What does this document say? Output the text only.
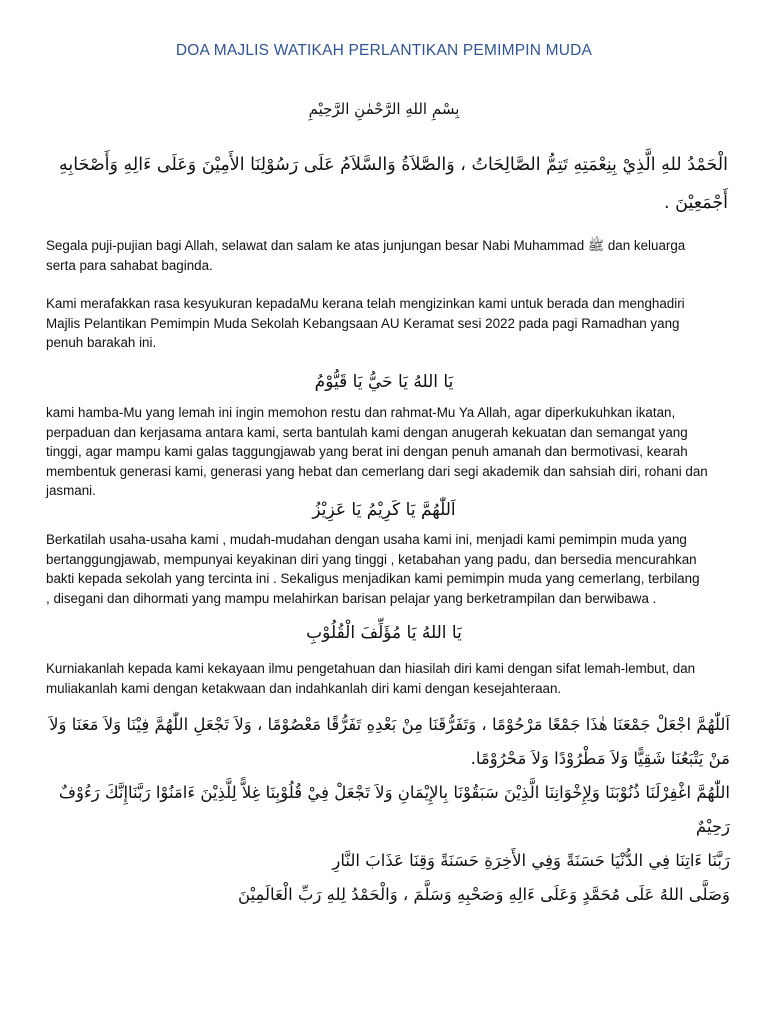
DOA MAJLIS WATIKAH PERLANTIKAN PEMIMPIN MUDA
بِسْمِ اللهِ الرَّحْمٰنِ الرَّحِيْمِ
الْحَمْدُ للهِ الَّذِيْ بِنِعْمَتِهِ تَتِمُّ الصَّالِحَاتُ ، وَالصَّلاَةُ وَالسَّلاَمُ عَلَى رَسُوْلِنَا الأَمِيْنَ وَعَلَى ءَالِهِ وَأَصْحَابِهِ
أَجْمَعِيْنَ .
Segala puji-pujian bagi Allah, selawat dan salam ke atas junjungan besar Nabi Muhammad ﷺ dan keluarga
serta para sahabat baginda.
Kami merafakkan rasa kesyukuran kepadaMu kerana telah mengizinkan kami untuk berada dan menghadiri
Majlis Pelantikan Pemimpin Muda Sekolah Kebangsaan AU Keramat sesi 2022 pada pagi Ramadhan yang
penuh barakah ini.
يَا اللهُ يَا حَيُّ يَا قَيُّوْمُ
kami hamba-Mu yang lemah ini ingin memohon restu dan rahmat-Mu Ya Allah, agar diperkukuhkan ikatan,
perpaduan dan kerjasama antara kami, serta bantulah kami dengan anugerah kekuatan dan semangat yang
tinggi, agar mampu kami galas taggungjawab yang berat ini dengan penuh amanah dan bermotivasi, kearah
membentuk generasi kami, generasi yang hebat dan cemerlang dari segi akademik dan sahsiah diri, rohani dan
jasmani.
اَللّٰهُمَّ يَا كَرِيْمُ يَا عَزِيْزُ
Berkatilah usaha-usaha kami , mudah-mudahan dengan usaha kami ini, menjadi kami pemimpin muda yang
bertanggungjawab, mempunyai keyakinan diri yang tinggi , ketabahan yang padu, dan bersedia mencurahkan
bakti kepada sekolah yang tercinta ini . Sekaligus menjadikan kami pemimpin muda yang cemerlang, terbilang
, disegani dan dihormati yang mampu melahirkan barisan pelajar yang berketrampilan dan berwibawa .
يَا اللهُ يَا مُؤَلِّفَ الْقُلُوْبِ
Kurniakanlah kepada kami kekayaan ilmu pengetahuan dan hiasilah diri kami dengan sifat lemah-lembut, dan
muliakanlah kami dengan ketakwaan dan indahkanlah diri kami dengan kesejahteraan.
اَللّٰهُمَّ اجْعَلْ جَمْعَنَا هٰذَا جَمْعًا مَرْحُوْمًا ، وَتَفَرُّقَنَا مِنْ بَعْدِهِ تَفَرُّقًا مَعْصُوْمًا ، وَلاَ تَجْعَلِ اللّٰهُمَّ فِيْنَا وَلاَ مَعَنَا وَلاَ
مَنْ يَتْبَعُنَا شَقِيًّا وَلاَ مَطْرُوْدًا وَلاَ مَحْرُوْمًا.
اللّٰهُمَّ اغْفِرْلَنَا ذُنُوْبَنَا وَلِإِخْوَانِنَا الَّذِيْنَ سَبَقُوْنَا بِالإِيْمَانِ وَلاَ تَجْعَلْ فِيْ قُلُوْبِنَا غِلاًّ لِلَّذِيْنَ ءَامَنُوْا رَبَّنَاإِنَّكَ رَءُوْفٌ
رَحِيْمٌ
رَبَّنَا ءَاتِنَا فِي الدُّنْيَا حَسَنَةً وَفِي الأَخِرَةِ حَسَنَةً وَقِنَا عَذَابَ النَّارِ
وَصَلَّى اللهُ عَلَى مُحَمَّدٍ وَعَلَى ءَالِهِ وَصَحْبِهِ وَسَلَّمَ ، وَالْحَمْدُ لِلهِ رَبِّ الْعَالَمِيْنَ
